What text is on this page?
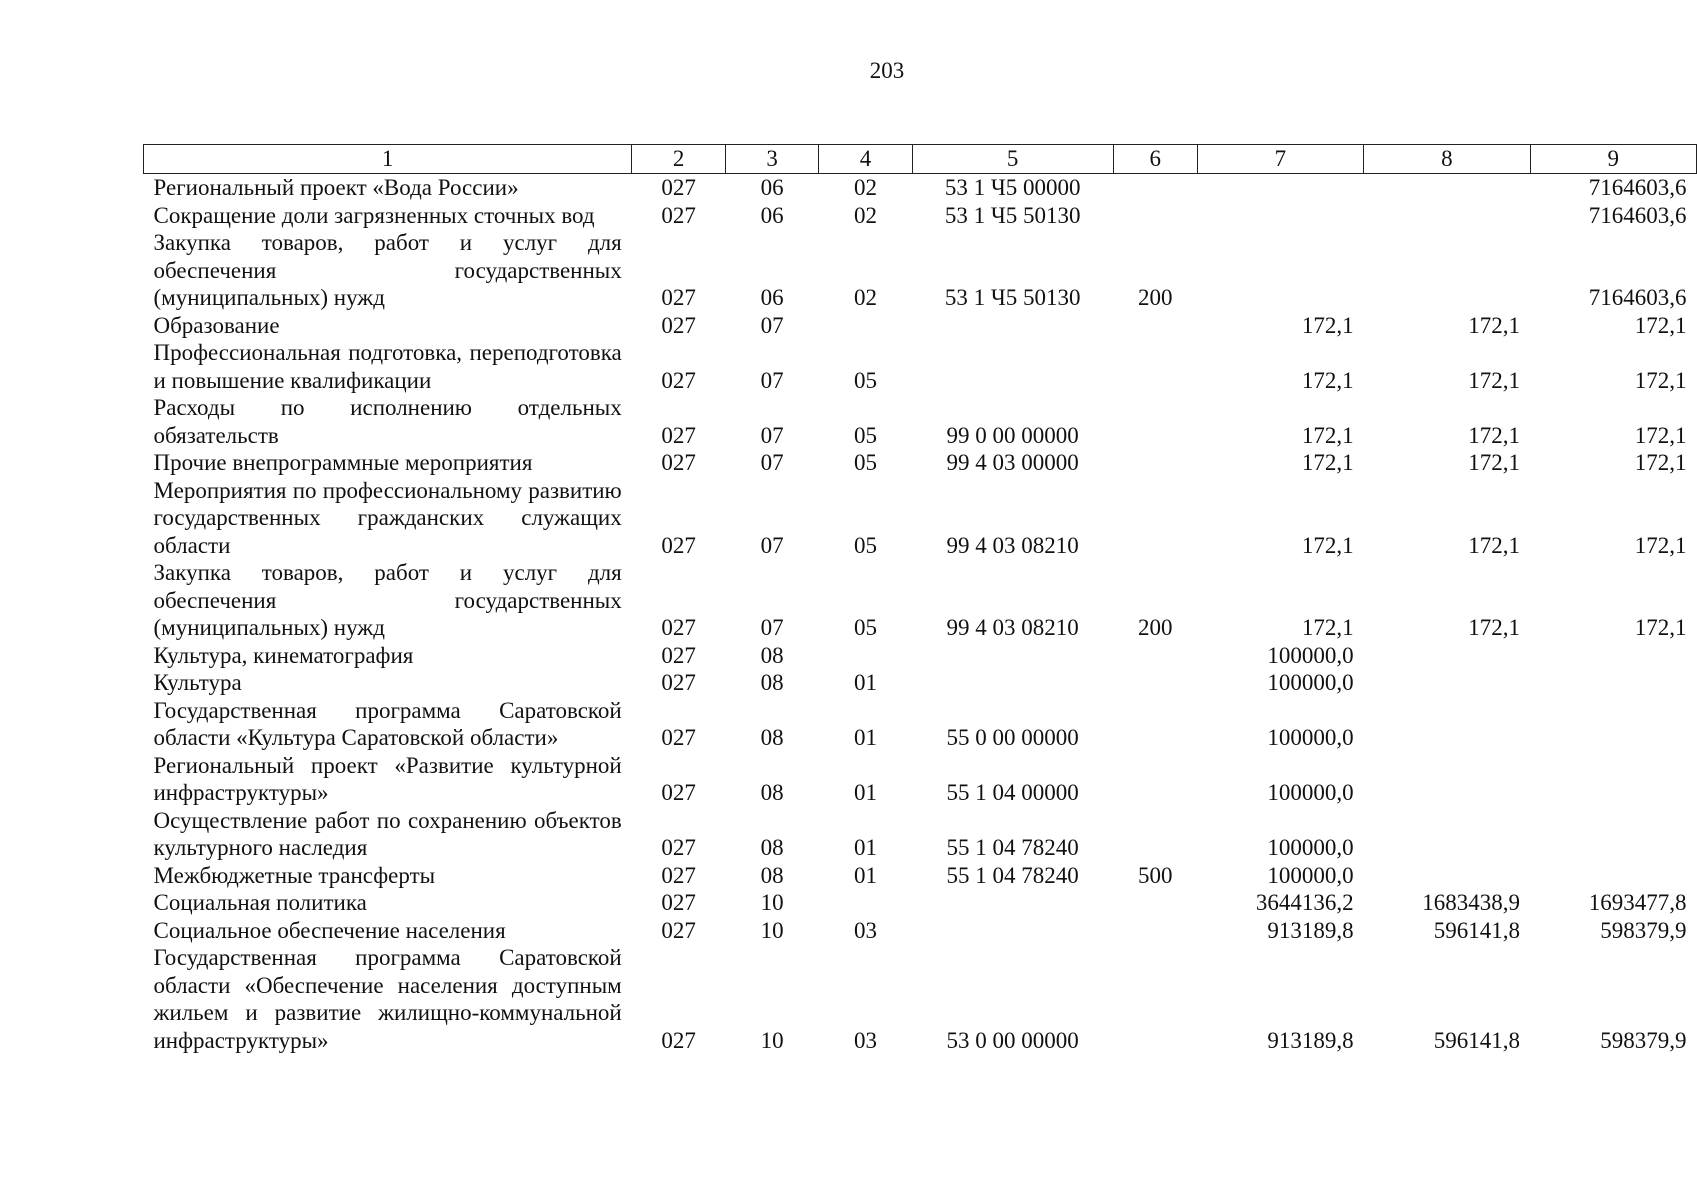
203
1	2	3	4	5	6	7	8	9
Региональный проект «Вода России»	027	06	02	53 1 Ч5 00000				7164603,6
Сокращение доли загрязненных сточных вод	027	06	02	53 1 Ч5 50130				7164603,6
Закупка товаров, работ и услуг для обеспечения государственных (муниципальных) нужд	027	06	02	53 1 Ч5 50130	200			7164603,6
Образование	027	07				172,1	172,1	172,1
Профессиональная подготовка, переподготовка и повышение квалификации	027	07	05			172,1	172,1	172,1
Расходы по исполнению отдельных обязательств	027	07	05	99 0 00 00000		172,1	172,1	172,1
Прочие внепрограммные мероприятия	027	07	05	99 4 03 00000		172,1	172,1	172,1
Мероприятия по профессиональному развитию государственных гражданских служащих области	027	07	05	99 4 03 08210		172,1	172,1	172,1
Закупка товаров, работ и услуг для обеспечения государственных (муниципальных) нужд	027	07	05	99 4 03 08210	200	172,1	172,1	172,1
Культура, кинематография	027	08				100000,0		
Культура	027	08	01			100000,0		
Государственная программа Саратовской области «Культура Саратовской области»	027	08	01	55 0 00 00000		100000,0		
Региональный проект «Развитие культурной инфраструктуры»	027	08	01	55 1 04 00000		100000,0		
Осуществление работ по сохранению объектов культурного наследия	027	08	01	55 1 04 78240		100000,0		
Межбюджетные трансферты	027	08	01	55 1 04 78240	500	100000,0		
Социальная политика	027	10				3644136,2	1683438,9	1693477,8
Социальное обеспечение населения	027	10	03			913189,8	596141,8	598379,9
Государственная программа Саратовской области «Обеспечение населения доступным жильем и развитие жилищно-коммунальной инфраструктуры»	027	10	03	53 0 00 00000		913189,8	596141,8	598379,9
